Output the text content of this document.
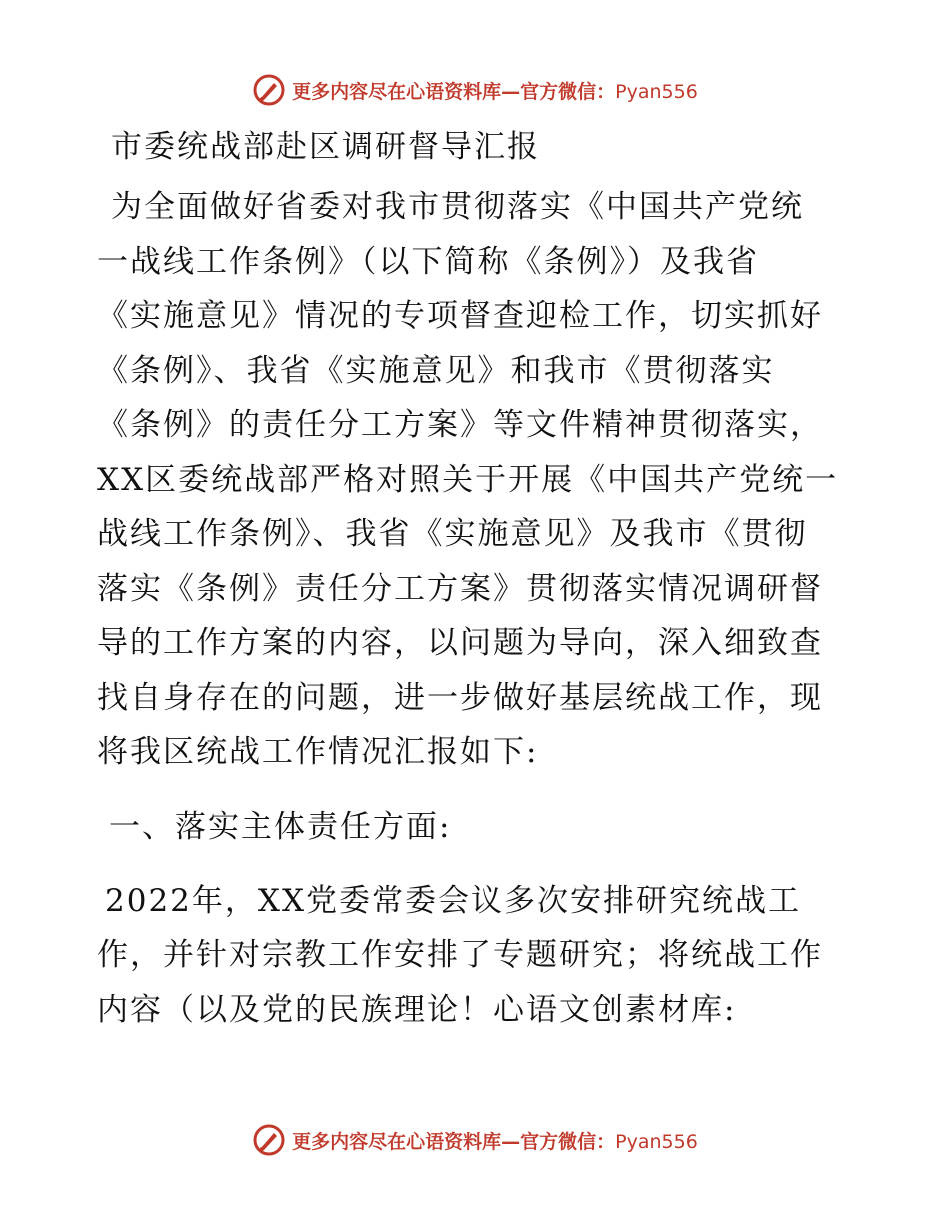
更多内容尽在心语资料库—官方微信：Pyan556
市委统战部赴区调研督导汇报

为全面做好省委对我市贯彻落实《中国共产党统

一战线工作条例》（以下简称《条例》）及我省

《实施意见》情况的专项督查迎检工作，切实抓好

《条例》、我省《实施意见》和我市《贯彻落实

《条例》的责任分工方案》等文件精神贯彻落实，

XX区委统战部严格对照关于开展《中国共产党统一

战线工作条例》、我省《实施意见》及我市《贯彻

落实《条例》责任分工方案》贯彻落实情况调研督

导的工作方案的内容，以问题为导向，深入细致查

找自身存在的问题，进一步做好基层统战工作，现

将我区统战工作情况汇报如下:

一、落实主体责任方面:

2022年，XX党委常委会议多次安排研究统战工

作，并针对宗教工作安排了专题研究；将统战工作

内容（以及党的民族理论！心语文创素材库:

更多内容尽在心语资料库—官方微信：Pyan556
